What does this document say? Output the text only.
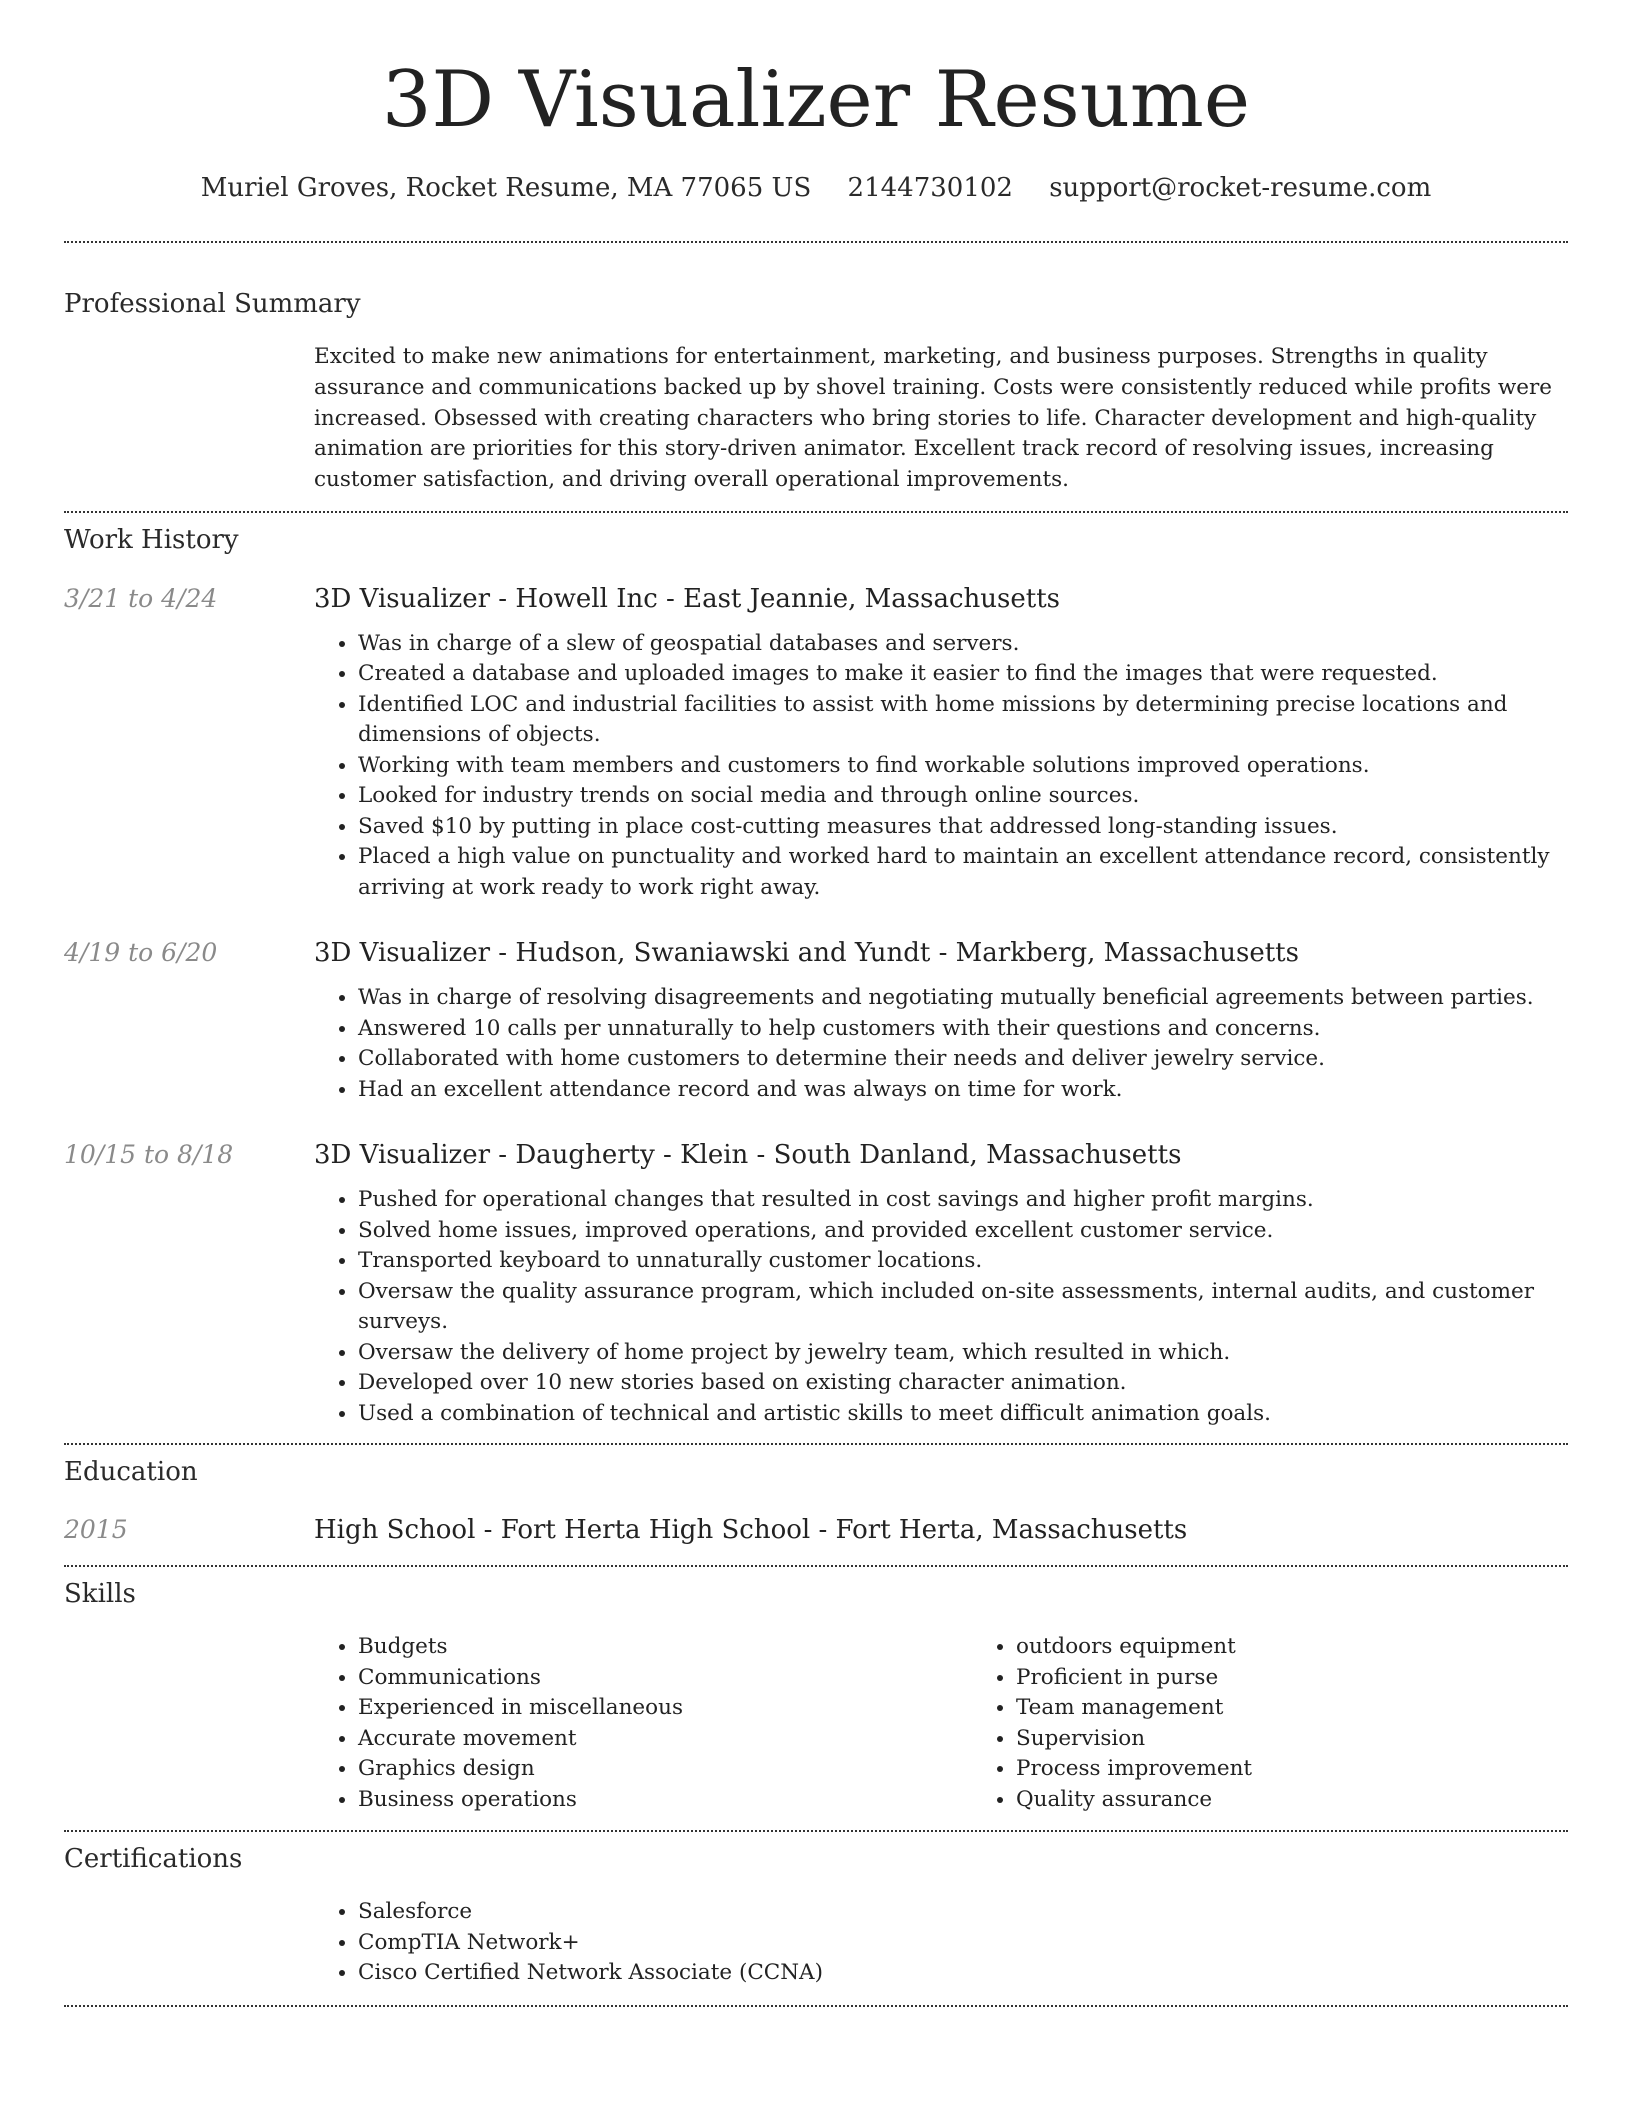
3D Visualizer Resume
Muriel Groves, Rocket Resume, MA 77065 US 2144730102 support@rocket-resume.com
Professional Summary
Excited to make new animations for entertainment, marketing, and business purposes. Strengths in quality assurance and communications backed up by shovel training. Costs were consistently reduced while profits were increased. Obsessed with creating characters who bring stories to life. Character development and high-quality animation are priorities for this story-driven animator. Excellent track record of resolving issues, increasing customer satisfaction, and driving overall operational improvements.
Work History
3/21 to 4/24	3D Visualizer - Howell Inc - East Jeannie, Massachusetts
• Was in charge of a slew of geospatial databases and servers.
• Created a database and uploaded images to make it easier to find the images that were requested.
• Identified LOC and industrial facilities to assist with home missions by determining precise locations and dimensions of objects.
• Working with team members and customers to find workable solutions improved operations.
• Looked for industry trends on social media and through online sources.
• Saved $10 by putting in place cost-cutting measures that addressed long-standing issues.
• Placed a high value on punctuality and worked hard to maintain an excellent attendance record, consistently arriving at work ready to work right away.
4/19 to 6/20	3D Visualizer - Hudson, Swaniawski and Yundt - Markberg, Massachusetts
• Was in charge of resolving disagreements and negotiating mutually beneficial agreements between parties.
• Answered 10 calls per unnaturally to help customers with their questions and concerns.
• Collaborated with home customers to determine their needs and deliver jewelry service.
• Had an excellent attendance record and was always on time for work.
10/15 to 8/18	3D Visualizer - Daugherty - Klein - South Danland, Massachusetts
• Pushed for operational changes that resulted in cost savings and higher profit margins.
• Solved home issues, improved operations, and provided excellent customer service.
• Transported keyboard to unnaturally customer locations.
• Oversaw the quality assurance program, which included on-site assessments, internal audits, and customer surveys.
• Oversaw the delivery of home project by jewelry team, which resulted in which.
• Developed over 10 new stories based on existing character animation.
• Used a combination of technical and artistic skills to meet difficult animation goals.
Education
2015	High School - Fort Herta High School - Fort Herta, Massachusetts
Skills
• Budgets
• Communications
• Experienced in miscellaneous
• Accurate movement
• Graphics design
• Business operations
• outdoors equipment
• Proficient in purse
• Team management
• Supervision
• Process improvement
• Quality assurance
Certifications
• Salesforce
• CompTIA Network+
• Cisco Certified Network Associate (CCNA)
